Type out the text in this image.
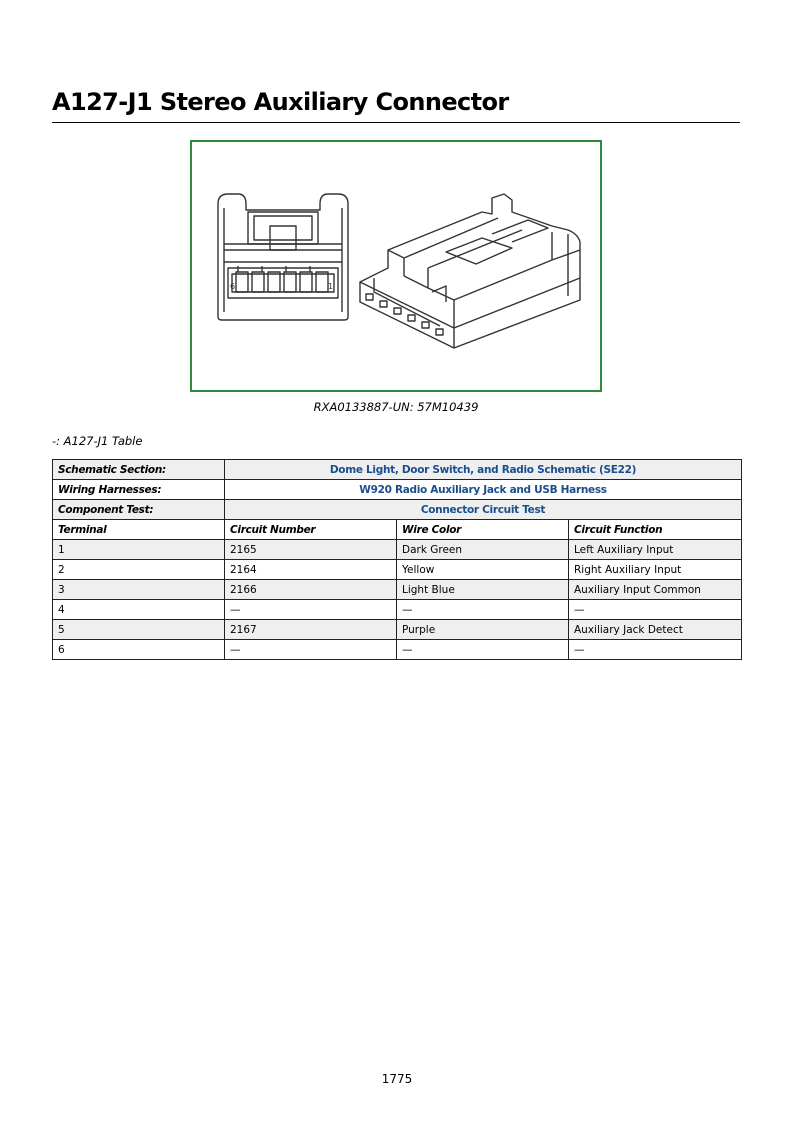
A127-J1 Stereo Auxiliary Connector
6	1
RXA0133887-UN: 57M10439
-: A127-J1 Table
Schematic Section:	Dome Light, Door Switch, and Radio Schematic (SE22)		
Wiring Harnesses:	W920 Radio Auxiliary Jack and USB Harness		
Component Test:	Connector Circuit Test		
Terminal	Circuit Number	Wire Color	Circuit Function
1	2165	Dark Green	Left Auxiliary Input
2	2164	Yellow	Right Auxiliary Input
3	2166	Light Blue	Auxiliary Input Common
4	—	—	—
5	2167	Purple	Auxiliary Jack Detect
6	—	—	—
1775
